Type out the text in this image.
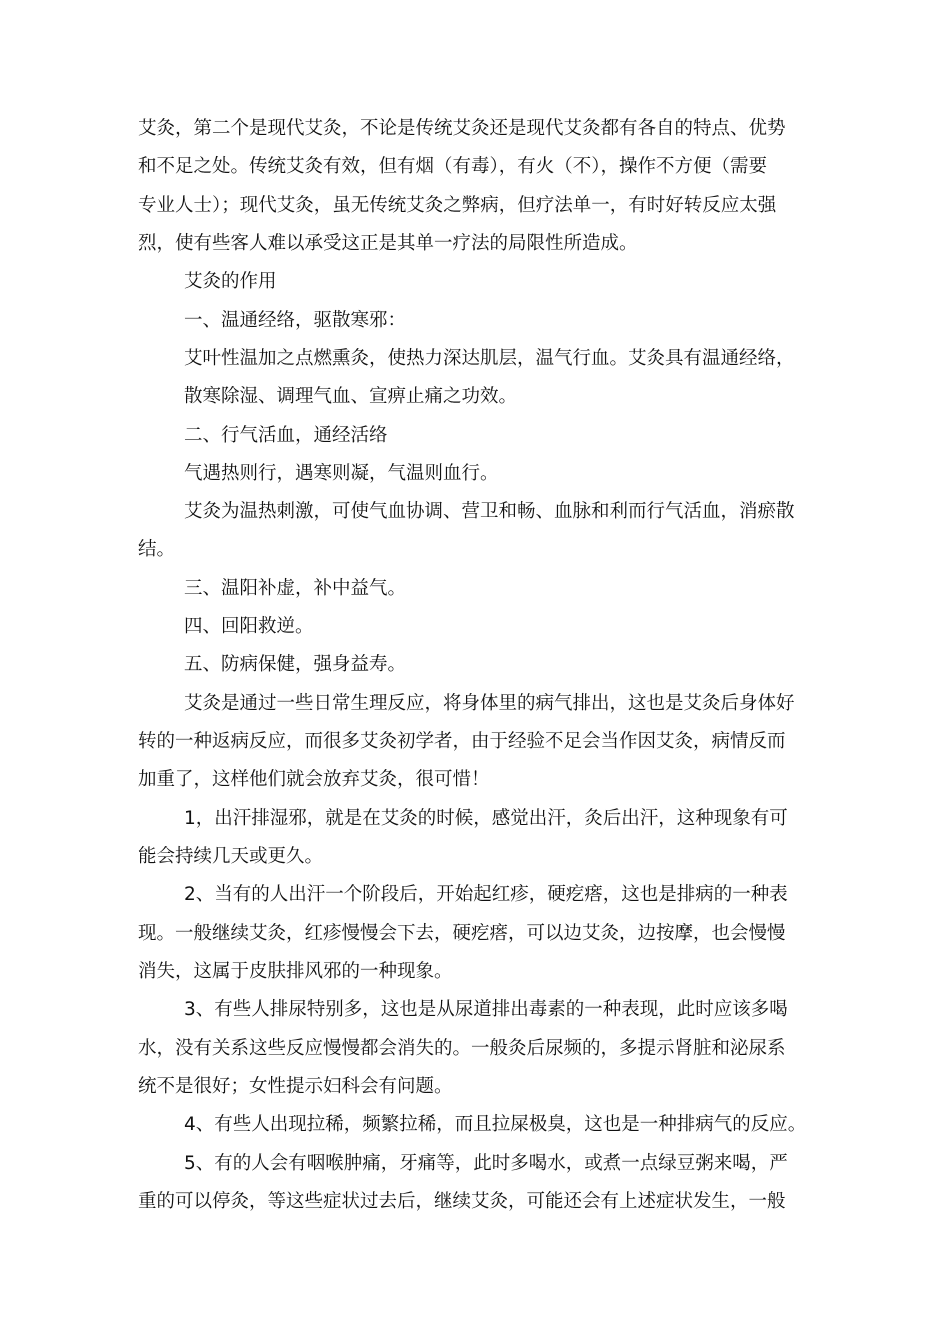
艾灸，第二个是现代艾灸，不论是传统艾灸还是现代艾灸都有各自的特点、优势
和不足之处。传统艾灸有效，但有烟（有毒），有火（不），操作不方便（需要
专业人士）；现代艾灸，虽无传统艾灸之弊病，但疗法单一，有时好转反应太强
烈，使有些客人难以承受这正是其单一疗法的局限性所造成。
艾灸的作用
一、温通经络，驱散寒邪：
艾叶性温加之点燃熏灸，使热力深达肌层，温气行血。艾灸具有温通经络，
散寒除湿、调理气血、宣痹止痛之功效。
二、行气活血，通经活络
气遇热则行，遇寒则凝，气温则血行。
艾灸为温热刺激，可使气血协调、营卫和畅、血脉和利而行气活血，消瘀散
结。
三、温阳补虚，补中益气。
四、回阳救逆。
五、防病保健，强身益寿。
艾灸是通过一些日常生理反应，将身体里的病气排出，这也是艾灸后身体好
转的一种返病反应，而很多艾灸初学者，由于经验不足会当作因艾灸，病情反而
加重了，这样他们就会放弃艾灸，很可惜！
1，出汗排湿邪，就是在艾灸的时候，感觉出汗，灸后出汗，这种现象有可
能会持续几天或更久。
2、当有的人出汗一个阶段后，开始起红疹，硬疙瘩，这也是排病的一种表
现。一般继续艾灸，红疹慢慢会下去，硬疙瘩，可以边艾灸，边按摩，也会慢慢
消失，这属于皮肤排风邪的一种现象。
3、有些人排尿特别多，这也是从尿道排出毒素的一种表现，此时应该多喝
水，没有关系这些反应慢慢都会消失的。一般灸后尿频的，多提示肾脏和泌尿系
统不是很好；女性提示妇科会有问题。
4、有些人出现拉稀，频繁拉稀，而且拉屎极臭，这也是一种排病气的反应。
5、有的人会有咽喉肿痛，牙痛等，此时多喝水，或煮一点绿豆粥来喝，严
重的可以停灸，等这些症状过去后，继续艾灸，可能还会有上述症状发生，一般
